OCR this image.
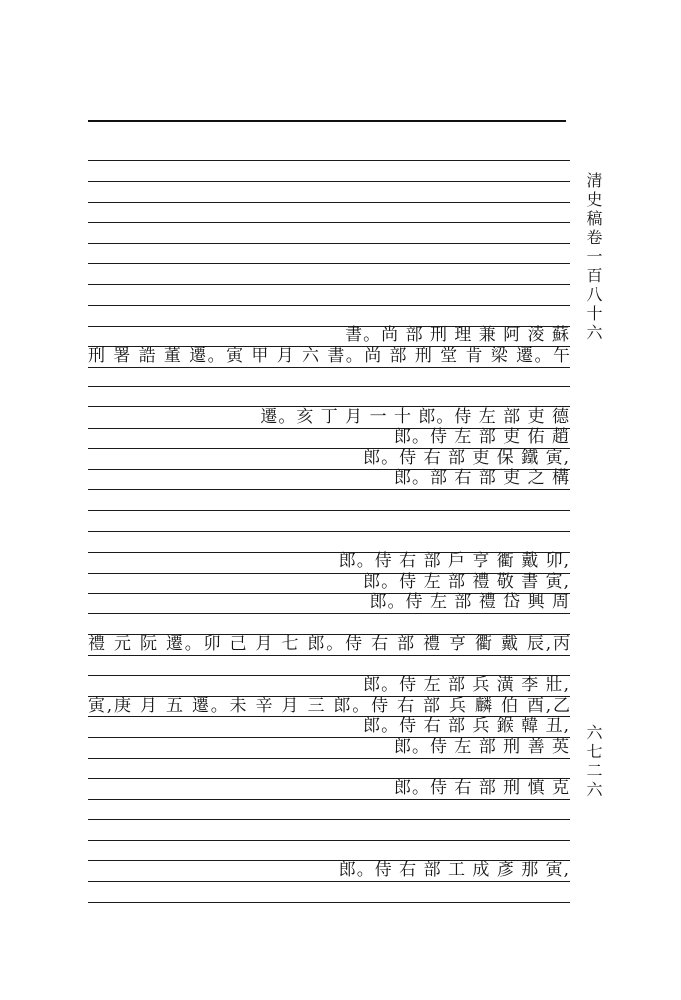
書。尚 部 刑 理 兼 阿 淩 蘇
刑 署 誥 董 遷。寅 甲 月 六 書。尚 部 刑 堂 肯 梁 遷。午
遷。亥 丁 月 一 十 郎。侍 左 部 吏 德
郎。侍 左 部 吏 佑 趙
郎。侍 右 部 吏 保 鐵 寅,
郎。部 右 部 吏 之 構
郎。侍 右 部 戶 亨 衢 戴 卯,
郎。侍 左 部 禮 敬 書 寅,
郎。侍 左 部 禮 岱 興 周
禮 元 阮 遷。卯 己 月 七 郎。侍 右 部 禮 亨 衢 戴 辰,丙
郎。侍 左 部 兵 潢 李 壯,
寅,庚 月 五 遷。未 辛 月 三 郎。侍 右 部 兵 麟 伯 酉,乙
郎。侍 右 部 兵 鍭 韓 丑,
郎。侍 左 部 刑 善 英
郎。侍 右 部 刑 慎 克
郎。侍 右 部 工 成 彥 那 寅,
清史稿卷一百八十六
六七二六
